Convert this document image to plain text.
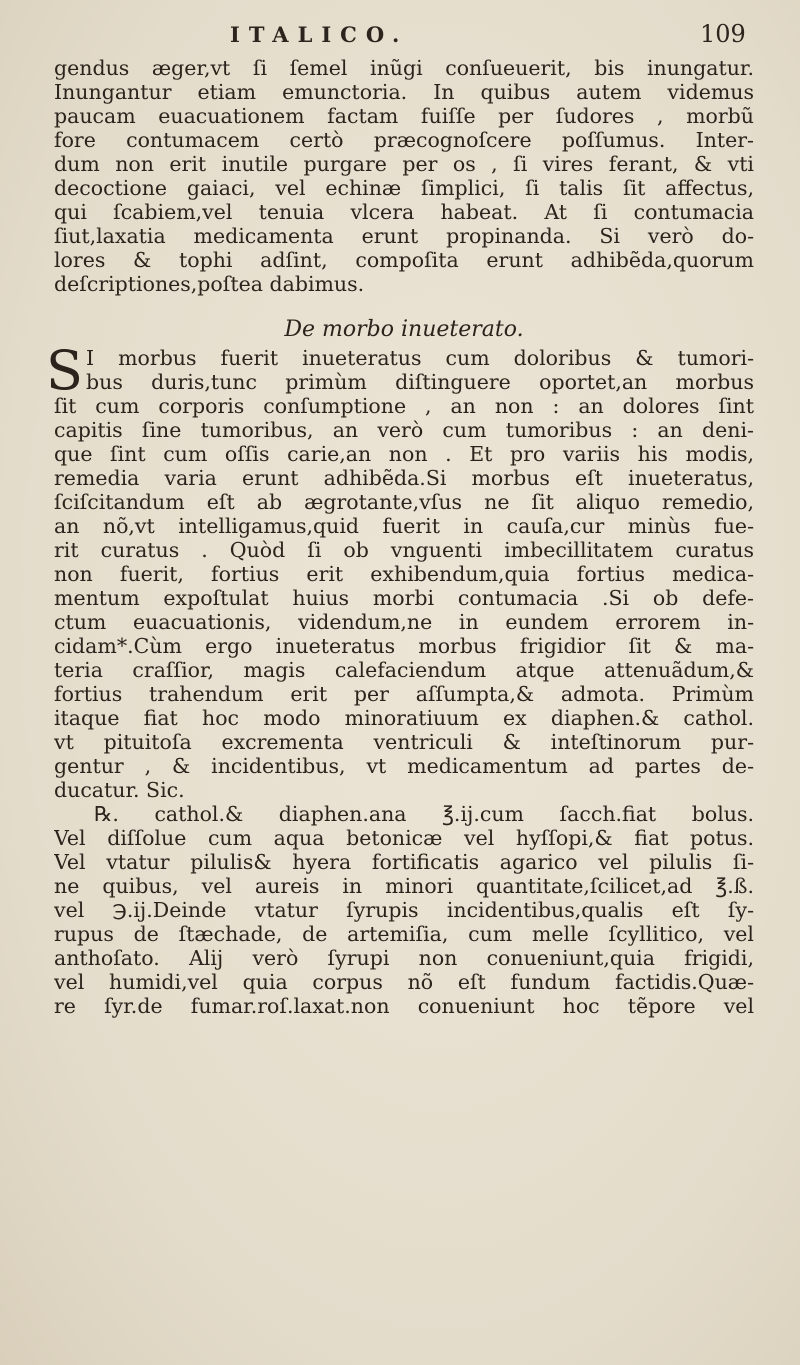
ITALICO.	109
gendus æger,vt ſi ſemel inũgi conſueuerit, bis inungatur.
Inungantur etiam emunctoria. In quibus autem videmus
paucam euacuationem factam fuiſſe per ſudores , morbũ
fore contumacem certò præcognoſcere poſſumus. Inter-
dum non erit inutile purgare per os , ſi vires ferant, & vti
decoctione gaiaci, vel echinæ ſimplici, ſi talis ſit affectus,
qui ſcabiem,vel tenuia vlcera habeat. At ſi contumacia
ſiut,laxatia medicamenta erunt propinanda. Si verò do-
lores & tophi adſint, compoſita erunt adhibẽda,quorum
deſcriptiones,poſtea dabimus.
De morbo inueterato.
S I morbus fuerit inueteratus cum doloribus & tumori-
bus duris,tunc primùm diſtinguere oportet,an morbus
ſit cum corporis conſumptione , an non : an dolores ſint
capitis ſine tumoribus, an verò cum tumoribus : an deni-
que ſint cum oſſis carie,an non . Et pro variis his modis,
remedia varia erunt adhibẽda.Si morbus eſt inueteratus,
ſciſcitandum eſt ab ægrotante,vſus ne ſit aliquo remedio,
an nõ,vt intelligamus,quid fuerit in cauſa,cur minùs fue-
rit curatus . Quòd ſi ob vnguenti imbecillitatem curatus
non fuerit, fortius erit exhibendum,quia fortius medica-
mentum expoſtulat huius morbi contumacia .Si ob defe-
ctum euacuationis, videndum,ne in eundem errorem in-
cidam*.Cùm ergo inueteratus morbus frigidior ſit & ma-
teria craſſior, magis calefaciendum atque attenuãdum,&
fortius trahendum erit per aſſumpta,& admota. Primùm
itaque fiat hoc modo minoratiuum ex diaphen.& cathol.
vt pituitoſa excrementa ventriculi & inteſtinorum pur-
gentur , & incidentibus, vt medicamentum ad partes de-
ducatur. Sic.
℞. cathol.& diaphen.ana ℥.ij.cum ſacch.fiat bolus.
Vel diſſolue cum aqua betonicæ vel hyſſopi,& fiat potus.
Vel vtatur pilulis& hyera fortificatis agarico vel pilulis ſi-
ne quibus, vel aureis in minori quantitate,ſcilicet,ad ℥.ß.
vel ℈.ij.Deinde vtatur ſyrupis incidentibus,qualis eſt ſy-
rupus de ſtæchade, de artemiſia, cum melle ſcyllitico, vel
anthoſato. Alij verò ſyrupi non conueniunt,quia frigidi,
vel humidi,vel quia corpus nõ eſt fundum factidis.Quæ-
re ſyr.de fumar.roſ.laxat.non conueniunt hoc tẽpore vel
